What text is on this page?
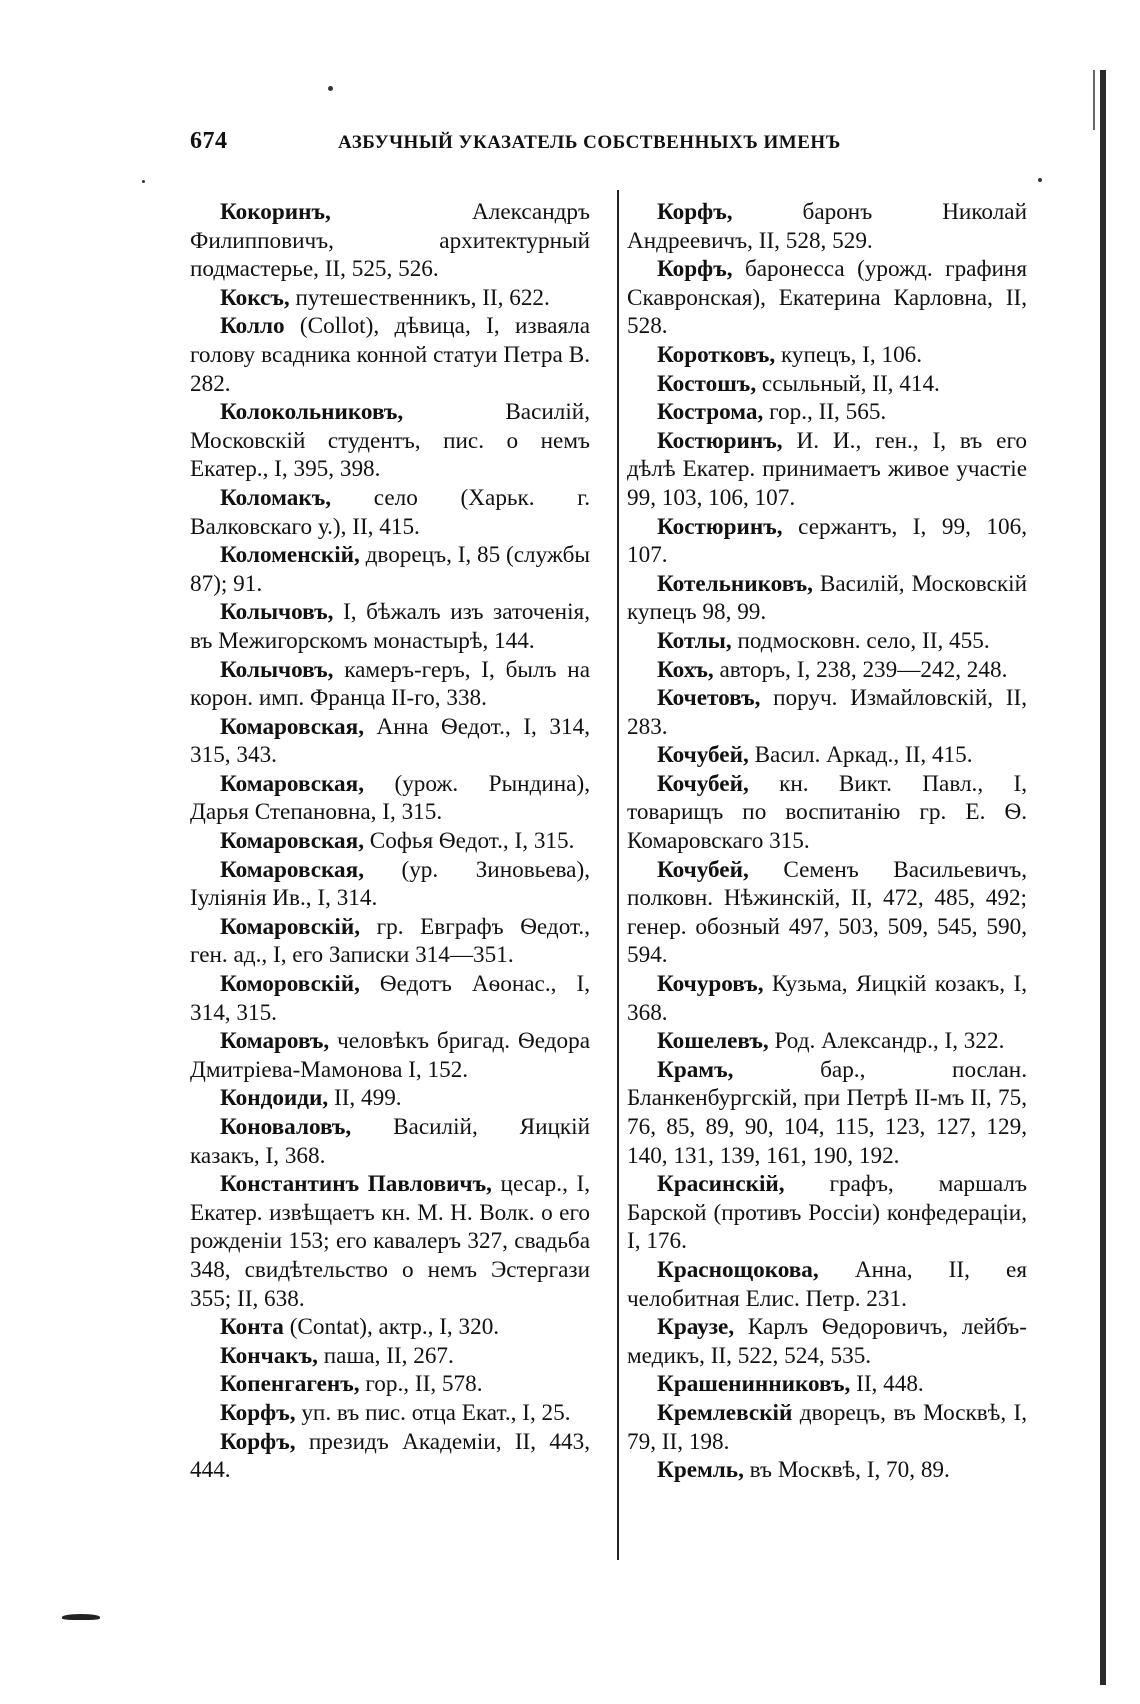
674	АЗБУЧНЫЙ УКАЗАТЕЛЬ СОБСТВЕННЫХЪ ИМЕНЪ

Кокоринъ, Александръ Филипповичъ, архитектурный подмастерье, II, 525, 526.

Коксъ, путешественникъ, II, 622.

Колло (Collot), дѣвица, I, изваяла голову всадника конной статуи Петра В. 282.

Колокольниковъ, Василій, Московскій студентъ, пис. о немъ Екатер., I, 395, 398.

Коломакъ, село (Харьк. г. Валковскаго у.), II, 415.

Коломенскій, дворецъ, I, 85 (службы 87); 91.

Колычовъ, I, бѣжалъ изъ заточенія, въ Межигорскомъ монастырѣ, 144.

Колычовъ, камеръ-геръ, I, былъ на корон. имп. Франца II-го, 338.

Комаровская, Анна Ѳедот., I, 314, 315, 343.

Комаровская, (урож. Рындина), Дарья Степановна, I, 315.

Комаровская, Софья Ѳедот., I, 315.

Комаровская, (ур. Зиновьева), Іуліянія Ив., I, 314.

Комаровскій, гр. Евграфъ Ѳедот., ген. ад., I, его Записки 314—351.

Коморовскій, Ѳедотъ Аѳонас., I, 314, 315.

Комаровъ, человѣкъ бригад. Ѳедора Дмитріева-Мамонова I, 152.

Кондоиди, II, 499.

Коноваловъ, Василій, Яицкій казакъ, I, 368.

Константинъ Павловичъ, цесар., I, Екатер. извѣщаетъ кн. М. Н. Волк. о его рожденіи 153; его кавалеръ 327, свадьба 348, свидѣтельство о немъ Эстергази 355; II, 638.

Конта (Contat), актр., I, 320.

Кончакъ, паша, II, 267.

Копенгагенъ, гор., II, 578.

Корфъ, уп. въ пис. отца Екат., I, 25.

Корфъ, президъ Академіи, II, 443, 444.

Корфъ, баронъ Николай Андреевичъ, II, 528, 529.

Корфъ, баронесса (урожд. графиня Скавронская), Екатерина Карловна, II, 528.

Коротковъ, купецъ, I, 106.

Костошъ, ссыльный, II, 414.

Кострома, гор., II, 565.

Костюринъ, И. И., ген., I, въ его дѣлѣ Екатер. принимаетъ живое участіе 99, 103, 106, 107.

Костюринъ, сержантъ, I, 99, 106, 107.

Котельниковъ, Василій, Московскій купецъ 98, 99.

Котлы, подмосковн. село, II, 455.

Кохъ, авторъ, I, 238, 239—242, 248.

Кочетовъ, поруч. Измайловскій, II, 283.

Кочубей, Васил. Аркад., II, 415.

Кочубей, кн. Викт. Павл., I, товарищъ по воспитанію гр. Е. Ѳ. Комаровскаго 315.

Кочубей, Семенъ Васильевичъ, полковн. Нѣжинскій, II, 472, 485, 492; генер. обозный 497, 503, 509, 545, 590, 594.

Кочуровъ, Кузьма, Яицкій козакъ, I, 368.

Кошелевъ, Род. Александр., I, 322.

Крамъ, бар., послан. Бланкенбургскій, при Петрѣ II-мъ II, 75, 76, 85, 89, 90, 104, 115, 123, 127, 129, 140, 131, 139, 161, 190, 192.

Красинскій, графъ, маршалъ Барской (противъ Россіи) конфедераціи, I, 176.

Краснощокова, Анна, II, ея челобитная Елис. Петр. 231.

Краузе, Карлъ Ѳедоровичъ, лейбъ-медикъ, II, 522, 524, 535.

Крашенинниковъ, II, 448.

Кремлевскій дворецъ, въ Москвѣ, I, 79, II, 198.

Кремль, въ Москвѣ, I, 70, 89.
